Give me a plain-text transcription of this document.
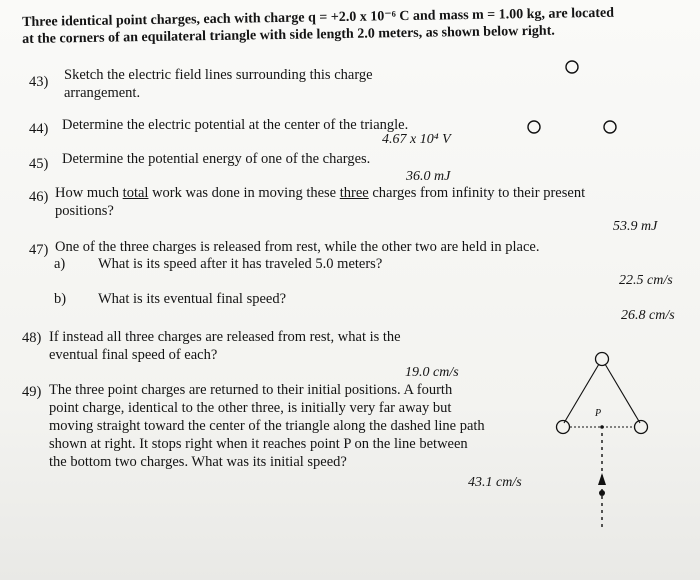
Three identical point charges, each with charge q = +2.0 x 10⁻⁶ C and mass m = 1.00 kg, are located
at the corners of an equilateral triangle with side length 2.0 meters, as shown below right.
43) Sketch the electric field lines surrounding this charge
arrangement.
44) Determine the electric potential at the center of the triangle.
4.67 x 10⁴ V
45) Determine the potential energy of one of the charges.
36.0 mJ
46) How much total work was done in moving these three charges from infinity to their present
positions?
53.9 mJ
47) One of the three charges is released from rest, while the other two are held in place.
a) What is its speed after it has traveled 5.0 meters?
22.5 cm/s
b) What is its eventual final speed?
26.8 cm/s
48) If instead all three charges are released from rest, what is the
eventual final speed of each?
19.0 cm/s
49) The three point charges are returned to their initial positions. A fourth
point charge, identical to the other three, is initially very far away but
moving straight toward the center of the triangle along the dashed line path
shown at right. It stops right when it reaches point P on the line between
the bottom two charges. What was its initial speed?
43.1 cm/s
P
